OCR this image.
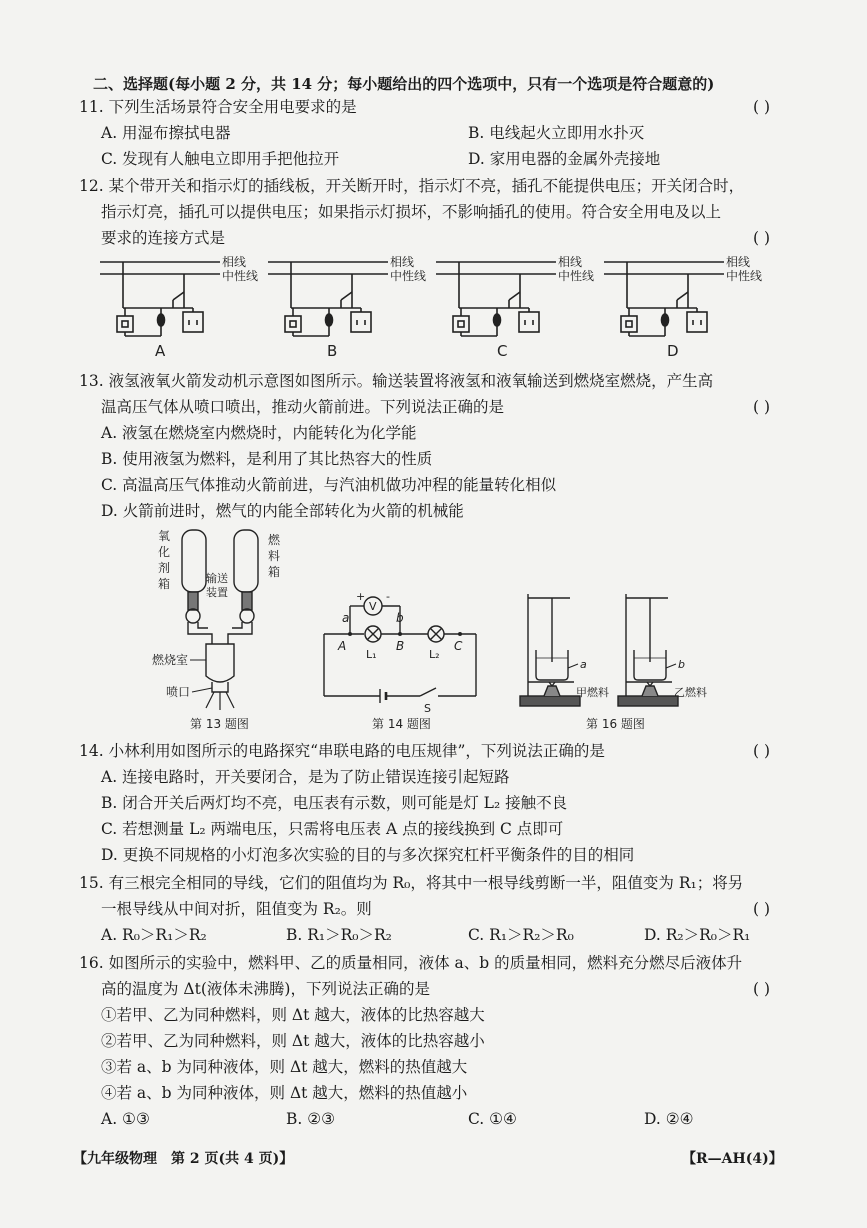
二、选择题(每小题 2 分，共 14 分；每小题给出的四个选项中，只有一个选项是符合题意的)
11. 下列生活场景符合安全用电要求的是	( )
A. 用湿布擦拭电器	B. 电线起火立即用水扑灭
C. 发现有人触电立即用手把他拉开	D. 家用电器的金属外壳接地
12. 某个带开关和指示灯的插线板，开关断开时，指示灯不亮，插孔不能提供电压；开关闭合时，
指示灯亮，插孔可以提供电压；如果指示灯损坏，不影响插孔的使用。符合安全用电及以上
要求的连接方式是	( )
相线
中性线
相线
中性线
相线
中性线
相线
中性线
A	B	C	D
13. 液氢液氧火箭发动机示意图如图所示。输送装置将液氢和液氧输送到燃烧室燃烧，产生高
温高压气体从喷口喷出，推动火箭前进。下列说法正确的是	( )
A. 液氢在燃烧室内燃烧时，内能转化为化学能
B. 使用液氢为燃料，是利用了其比热容大的性质
C. 高温高压气体推动火箭前进，与汽油机做功冲程的能量转化相似
D. 火箭前进时，燃气的内能全部转化为火箭的机械能
氧
化
剂
箱
燃
料
箱
输送
装置
燃烧室
喷口
第 13 题图
V
+ -
a	b
A	B	C
L₁	L₂
S
第 14 题图
a	b
甲燃料	乙燃料
第 16 题图
14. 小林利用如图所示的电路探究“串联电路的电压规律”，下列说法正确的是	( )
A. 连接电路时，开关要闭合，是为了防止错误连接引起短路
B. 闭合开关后两灯均不亮，电压表有示数，则可能是灯 L₂ 接触不良
C. 若想测量 L₂ 两端电压，只需将电压表 A 点的接线换到 C 点即可
D. 更换不同规格的小灯泡多次实验的目的与多次探究杠杆平衡条件的目的相同
15. 有三根完全相同的导线，它们的阻值均为 R₀，将其中一根导线剪断一半，阻值变为 R₁；将另
一根导线从中间对折，阻值变为 R₂。则	( )
A. R₀＞R₁＞R₂	B. R₁＞R₀＞R₂	C. R₁＞R₂＞R₀	D. R₂＞R₀＞R₁
16. 如图所示的实验中，燃料甲、乙的质量相同，液体 a、b 的质量相同，燃料充分燃尽后液体升
高的温度为 Δt(液体未沸腾)，下列说法正确的是	( )
①若甲、乙为同种燃料，则 Δt 越大，液体的比热容越大
②若甲、乙为同种燃料，则 Δt 越大，液体的比热容越小
③若 a、b 为同种液体，则 Δt 越大，燃料的热值越大
④若 a、b 为同种液体，则 Δt 越大，燃料的热值越小
A. ①③	B. ②③	C. ①④	D. ②④
【九年级物理　第 2 页(共 4 页)】	【R—AH(4)】
